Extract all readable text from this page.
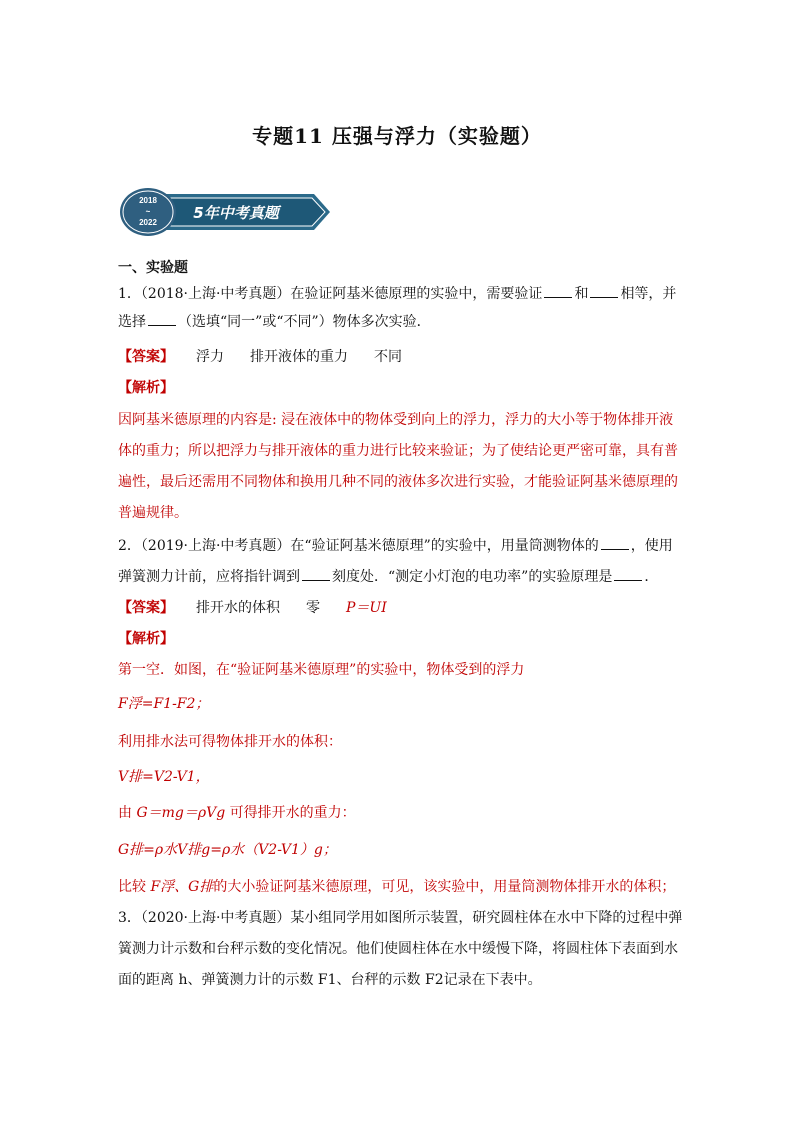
专题11 压强与浮力（实验题）
2018
~
2022
5年中考真题
一、实验题
1．（2018·上海·中考真题）在验证阿基米德原理的实验中，需要验证 和 相等，并
选择 （选填“同一”或“不同”）物体多次实验．
【答案】 浮力 排开液体的重力 不同
【解析】
因阿基米德原理的内容是: 浸在液体中的物体受到向上的浮力，浮力的大小等于物体排开液
体的重力；所以把浮力与排开液体的重力进行比较来验证；为了使结论更严密可靠，具有普
遍性，最后还需用不同物体和换用几种不同的液体多次进行实验，才能验证阿基米德原理的
普遍规律。
2．（2019·上海·中考真题）在“验证阿基米德原理”的实验中，用量筒测物体的 ，使用
弹簧测力计前，应将指针调到 刻度处．“测定小灯泡的电功率”的实验原理是 ．
【答案】 排开水的体积 零 P＝UI
【解析】
第一空．如图，在“验证阿基米德原理”的实验中，物体受到的浮力
F浮=F1-F2；
利用排水法可得物体排开水的体积：
V排=V2-V1，
由 G＝mg＝ρVg 可得排开水的重力：
G排=ρ水V排g=ρ水（V2-V1）g；
比较 F浮、G排的大小验证阿基米德原理，可见，该实验中，用量筒测物体排开水的体积；
3．（2020·上海·中考真题）某小组同学用如图所示装置，研究圆柱体在水中下降的过程中弹
簧测力计示数和台秤示数的变化情况。他们使圆柱体在水中缓慢下降，将圆柱体下表面到水
面的距离 h、弹簧测力计的示数 F1、台秤的示数 F2记录在下表中。
